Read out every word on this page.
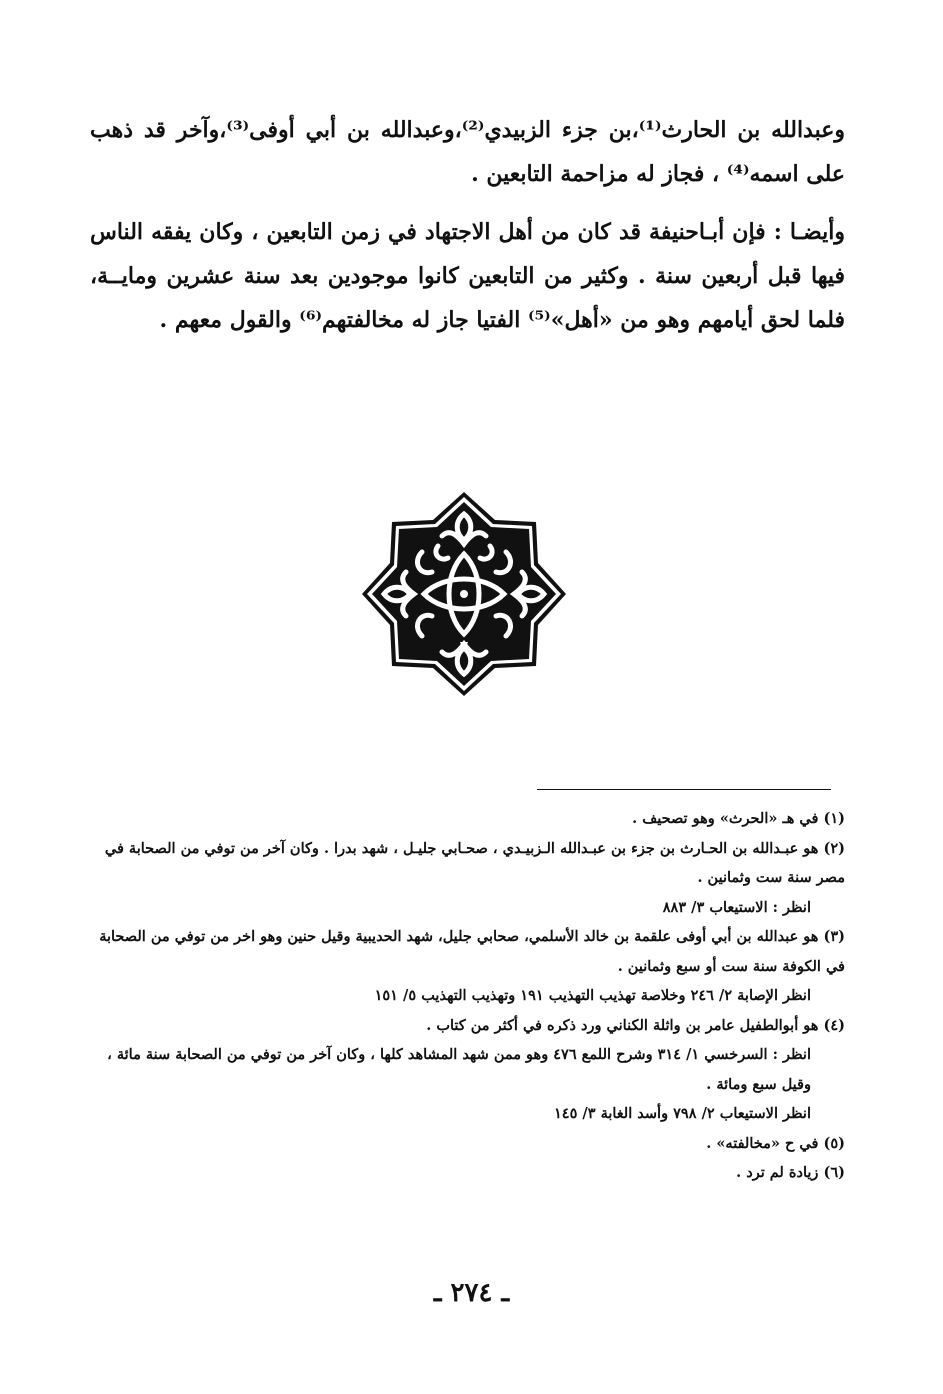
وعبدالله بن الحارث⁽¹⁾،بن جزء الزبيدي⁽²⁾،وعبدالله بن أبي أوفى⁽³⁾،وآخر قد ذهب على اسمه⁽⁴⁾ ، فجاز له مزاحمة التابعين .

وأيضـا : فإن أبـاحنيفة قد كان من أهل الاجتهاد في زمن التابعين ، وكان يفقه الناس فيها قبل أربعين سنة . وكثير من التابعين كانوا موجودين بعد سنة عشرين ومايــة، فلما لحق أيامهم وهو من «أهل»⁽⁵⁾ الفتيا جاز له مخالفتهم⁽⁶⁾ والقول معهم .

(١) في هـ «الحرث» وهو تصحيف .

(٢) هو عبـدالله بن الحـارث بن جزء بن عبـدالله الـزبيـدي ، صحـابي جليـل ، شهد بدرا . وكان آخر من توفي من الصحابة في مصر سنة ست وثمانين .

انظر : الاستيعاب ٣/ ٨٨٣

(٣) هو عبدالله بن أبي أوفى علقمة بن خالد الأسلمي، صحابي جليل، شهد الحديبية وقيل حنين وهو اخر من توفي من الصحابة في الكوفة سنة ست أو سبع وثمانين .

انظر الإصابة ٢/ ٢٤٦ وخلاصة تهذيب التهذيب ١٩١ وتهذيب التهذيب ٥/ ١٥١

(٤) هو أبوالطفيل عامر بن واثلة الكناني ورد ذكره في أكثر من كتاب .

انظر : السرخسي ١/ ٣١٤ وشرح اللمع ٤٧٦ وهو ممن شهد المشاهد كلها ، وكان آخر من توفي من الصحابة سنة مائة ، وقيل سبع ومائة .

انظر الاستيعاب ٢/ ٧٩٨ وأسد الغابة ٣/ ١٤٥

(٥) في ح «مخالفته» .

(٦) زيادة لم ترد .

ـ ٢٧٤ ـ
